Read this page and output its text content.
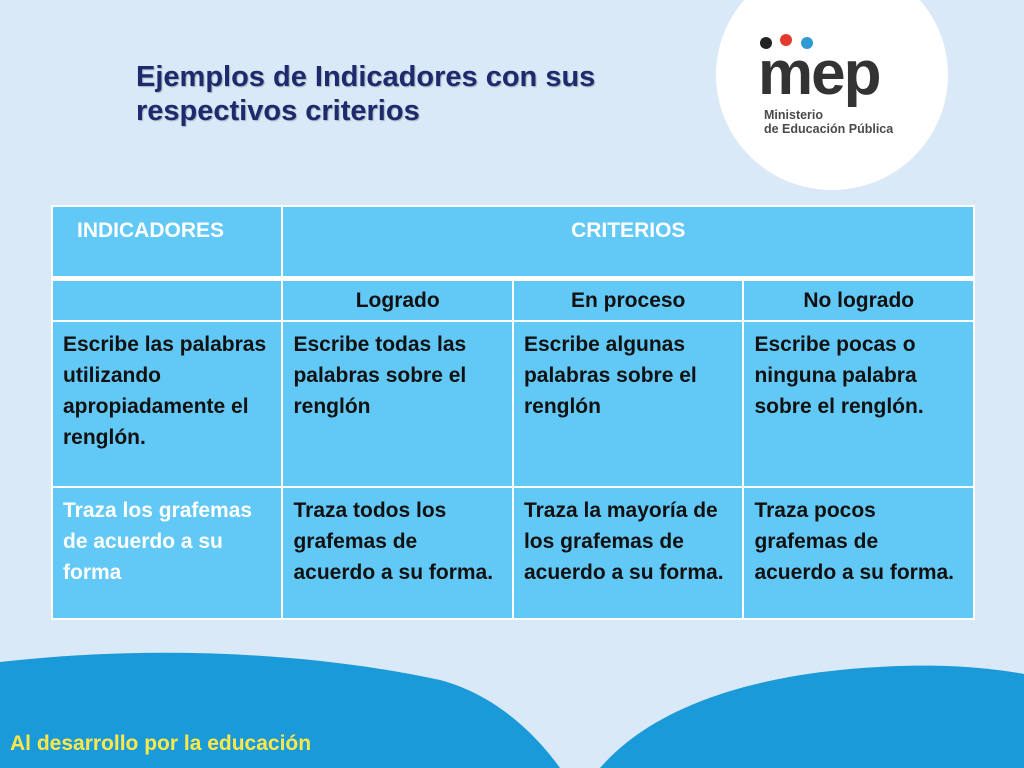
Ejemplos de Indicadores con sus respectivos criterios
mep
Ministerio
de Educación Pública
INDICADORES	CRITERIOS		
	Logrado	En proceso	No logrado
Escribe las palabras utilizando apropiadamente el renglón.	Escribe todas las palabras sobre el renglón	Escribe algunas palabras sobre el renglón	Escribe pocas o ninguna palabra sobre el renglón.
Traza los grafemas de acuerdo a su forma	Traza todos los grafemas de acuerdo a su forma.	Traza la mayoría de los grafemas de acuerdo a su forma.	Traza pocos grafemas de acuerdo a su forma.
Al desarrollo por la educación
